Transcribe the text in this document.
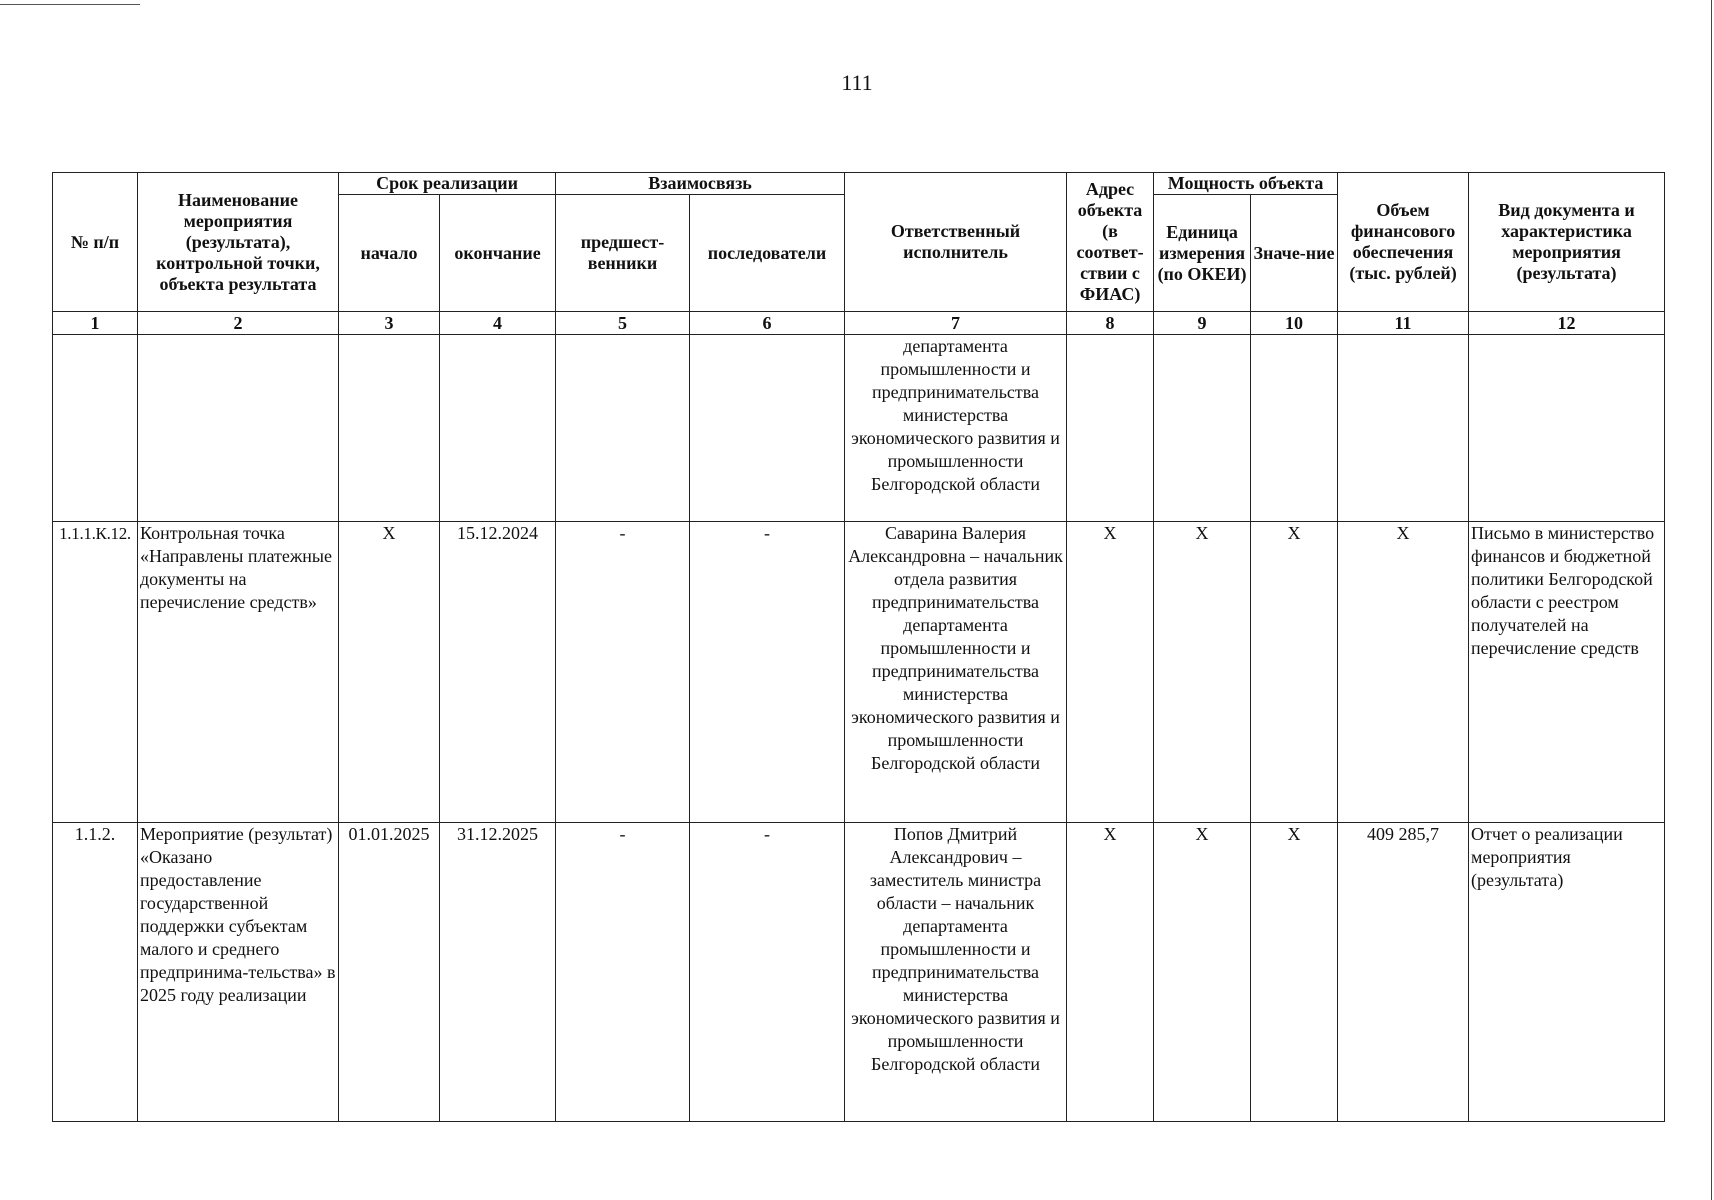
111
№ п/п	Наименование мероприятия (результата), контрольной точки, объекта результата	Срок реализации		Взаимосвязь		Ответственный исполнитель	Адрес объекта (в соответ-ствии с ФИАС)	Мощность объекта		Объем финансового обеспечения (тыс. рублей)	Вид документа и характеристика мероприятия (результата)
		начало	окончание	предшест-венники	последователи			Единица измерения (по ОКЕИ)	Значе-ние		
1	2	3	4	5	6	7	8	9	10	11	12
						департамента промышленности и предпринимательства министерства экономического развития и промышленности Белгородской области					
1.1.1.К.12.	Контрольная точка «Направлены платежные документы на перечисление средств»	X	15.12.2024	-	-	Саварина Валерия Александровна – начальник отдела развития предпринимательства департамента промышленности и предпринимательства министерства экономического развития и промышленности Белгородской области	X	X	X	X	Письмо в министерство финансов и бюджетной политики Белгородской области с реестром получателей на перечисление средств
1.1.2.	Мероприятие (результат) «Оказано предоставление государственной поддержки субъектам малого и среднего предпринима-тельства» в 2025 году реализации	01.01.2025	31.12.2025	-	-	Попов Дмитрий Александрович – заместитель министра области – начальник департамента промышленности и предпринимательства министерства экономического развития и промышленности Белгородской области	X	X	X	409 285,7	Отчет о реализации мероприятия (результата)
